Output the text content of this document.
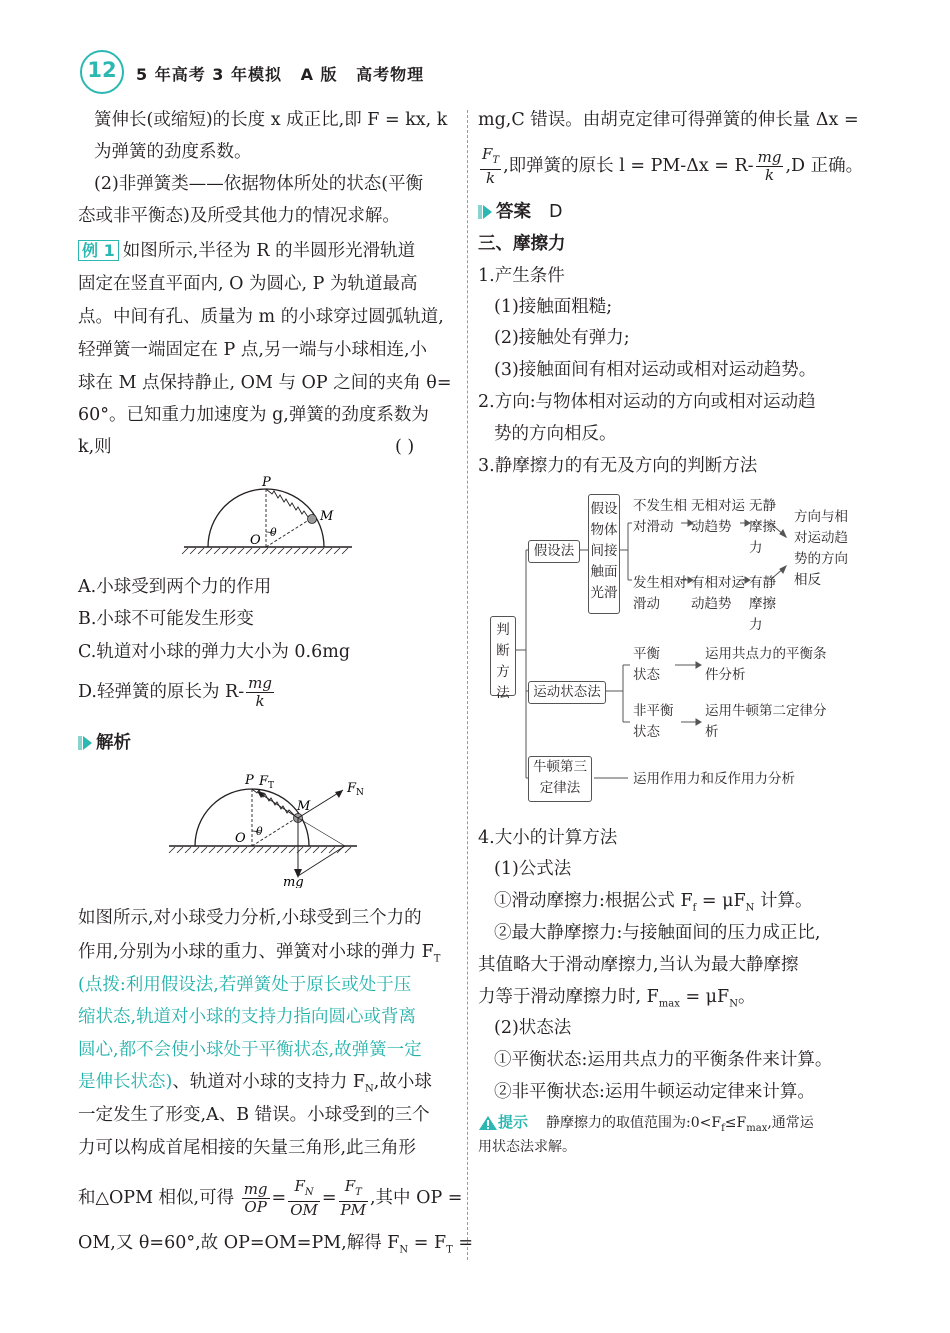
12	5 年高考 3 年模拟 A 版 高考物理
簧伸长(或缩短)的长度 x 成正比,即 F = kx, k
为弹簧的劲度系数。
(2)非弹簧类——依据物体所处的状态(平衡
态或非平衡态)及所受其他力的情况求解。
例 1 如图所示,半径为 R 的半圆形光滑轨道
固定在竖直平面内, O 为圆心, P 为轨道最高
点。中间有孔、质量为 m 的小球穿过圆弧轨道,
轻弹簧一端固定在 P 点,另一端与小球相连,小
球在 M 点保持静止, OM 与 OP 之间的夹角 θ=
60°。已知重力加速度为 g,弹簧的劲度系数为
k,则	( )
P
M
O
θ
A.小球受到两个力的作用
B.小球不可能发生形变
C.轨道对小球的弹力大小为 0.6mg
D.轻弹簧的原长为 $R- \frac{mg}{k}$
解析
P $F_T$	$F_N$
M
O θ
mg
如图所示,对小球受力分析,小球受到三个力的
作用,分别为小球的重力、弹簧对小球的弹力 $F_T$
(点拨:利用假设法,若弹簧处于原长或处于压
缩状态,轨道对小球的支持力指向圆心或背离
圆心,都不会使小球处于平衡状态,故弹簧一定
是伸长状态)、轨道对小球的支持力 $F_N$,故小球
一定发生了形变,A、B 错误。小球受到的三个
力可以构成首尾相接的矢量三角形,此三角形
和△OPM 相似,可得 $\frac{mg}{OP} = \frac{F_N}{OM} = \frac{F_T}{PM}$ ,其中 OP =
OM,又 θ=60°,故 OP=OM=PM,解得 $F_N = F_T$ =
mg,C 错误。由胡克定律可得弹簧的伸长量 Δx =
$\frac{F_T}{k}$ ,即弹簧的原长 $l = PM-\Delta x = R- \frac{mg}{k} ,D$ 正确。
答案 D
三、摩擦力
1.产生条件
(1)接触面粗糙;
(2)接触处有弹力;
(3)接触面间有相对运动或相对运动趋势。
2.方向:与物体相对运动的方向或相对运动趋
势的方向相反。
3.静摩擦力的有无及方向的判断方法
判断方法
假设法
假设物体间接触面光滑
不发生相对滑动
无相对运动趋势
无静摩擦力
发生相对滑动
有相对运动趋势
有静摩擦力
方向与相对运动趋势的方向相反
运动状态法
平衡状态
运用共点力的平衡条件分析
非平衡状态
运用牛顿第二定律分析
牛顿第三定律法
运用作用力和反作用力分析
4.大小的计算方法
(1)公式法
①滑动摩擦力:根据公式 $F_f = \mu F_N$ 计算。
②最大静摩擦力:与接触面间的压力成正比,
其值略大于滑动摩擦力,当认为最大静摩擦
力等于滑动摩擦力时, $F_{max} = \mu F_N$。
(2)状态法
①平衡状态:运用共点力的平衡条件来计算。
②非平衡状态:运用牛顿运动定律来计算。
提示 静摩擦力的取值范围为$:0<F_f\le F_{max}$,通常运
用状态法求解。
